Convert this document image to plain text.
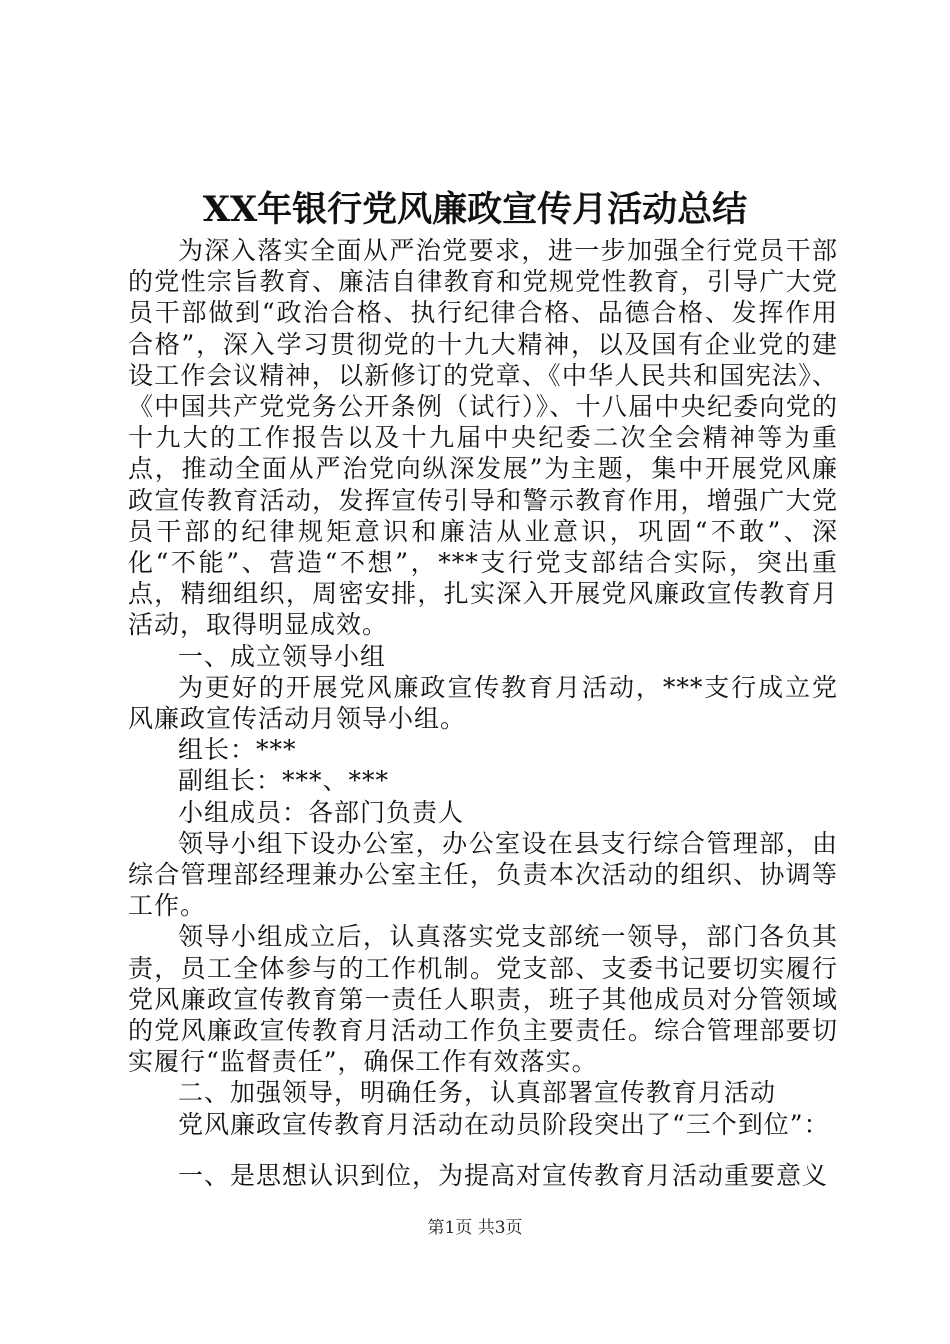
XX年银行党风廉政宣传月活动总结

为深入落实全面从严治党要求，进一步加强全行党员干部的党性宗旨教育、廉洁自律教育和党规党性教育，引导广大党员干部做到“政治合格、执行纪律合格、品德合格、发挥作用合格”，深入学习贯彻党的十九大精神，以及国有企业党的建设工作会议精神，以新修订的党章、《中华人民共和国宪法》、《中国共产党党务公开条例（试行）》、十八届中央纪委向党的十九大的工作报告以及十九届中央纪委二次全会精神等为重点，推动全面从严治党向纵深发展”为主题，集中开展党风廉政宣传教育活动，发挥宣传引导和警示教育作用，增强广大党员干部的纪律规矩意识和廉洁从业意识，巩固“不敢”、深化“不能”、营造“不想”，***支行党支部结合实际，突出重点，精细组织，周密安排，扎实深入开展党风廉政宣传教育月活动，取得明显成效。

一、成立领导小组

为更好的开展党风廉政宣传教育月活动，***支行成立党风廉政宣传活动月领导小组。

组长：***

副组长：***、***

小组成员：各部门负责人

领导小组下设办公室，办公室设在县支行综合管理部，由综合管理部经理兼办公室主任，负责本次活动的组织、协调等工作。

领导小组成立后，认真落实党支部统一领导，部门各负其责，员工全体参与的工作机制。党支部、支委书记要切实履行党风廉政宣传教育第一责任人职责，班子其他成员对分管领域的党风廉政宣传教育月活动工作负主要责任。综合管理部要切实履行“监督责任”，确保工作有效落实。

二、加强领导，明确任务，认真部署宣传教育月活动

党风廉政宣传教育月活动在动员阶段突出了“三个到位”：

一、是思想认识到位，为提高对宣传教育月活动重要意义

第1页 共3页
